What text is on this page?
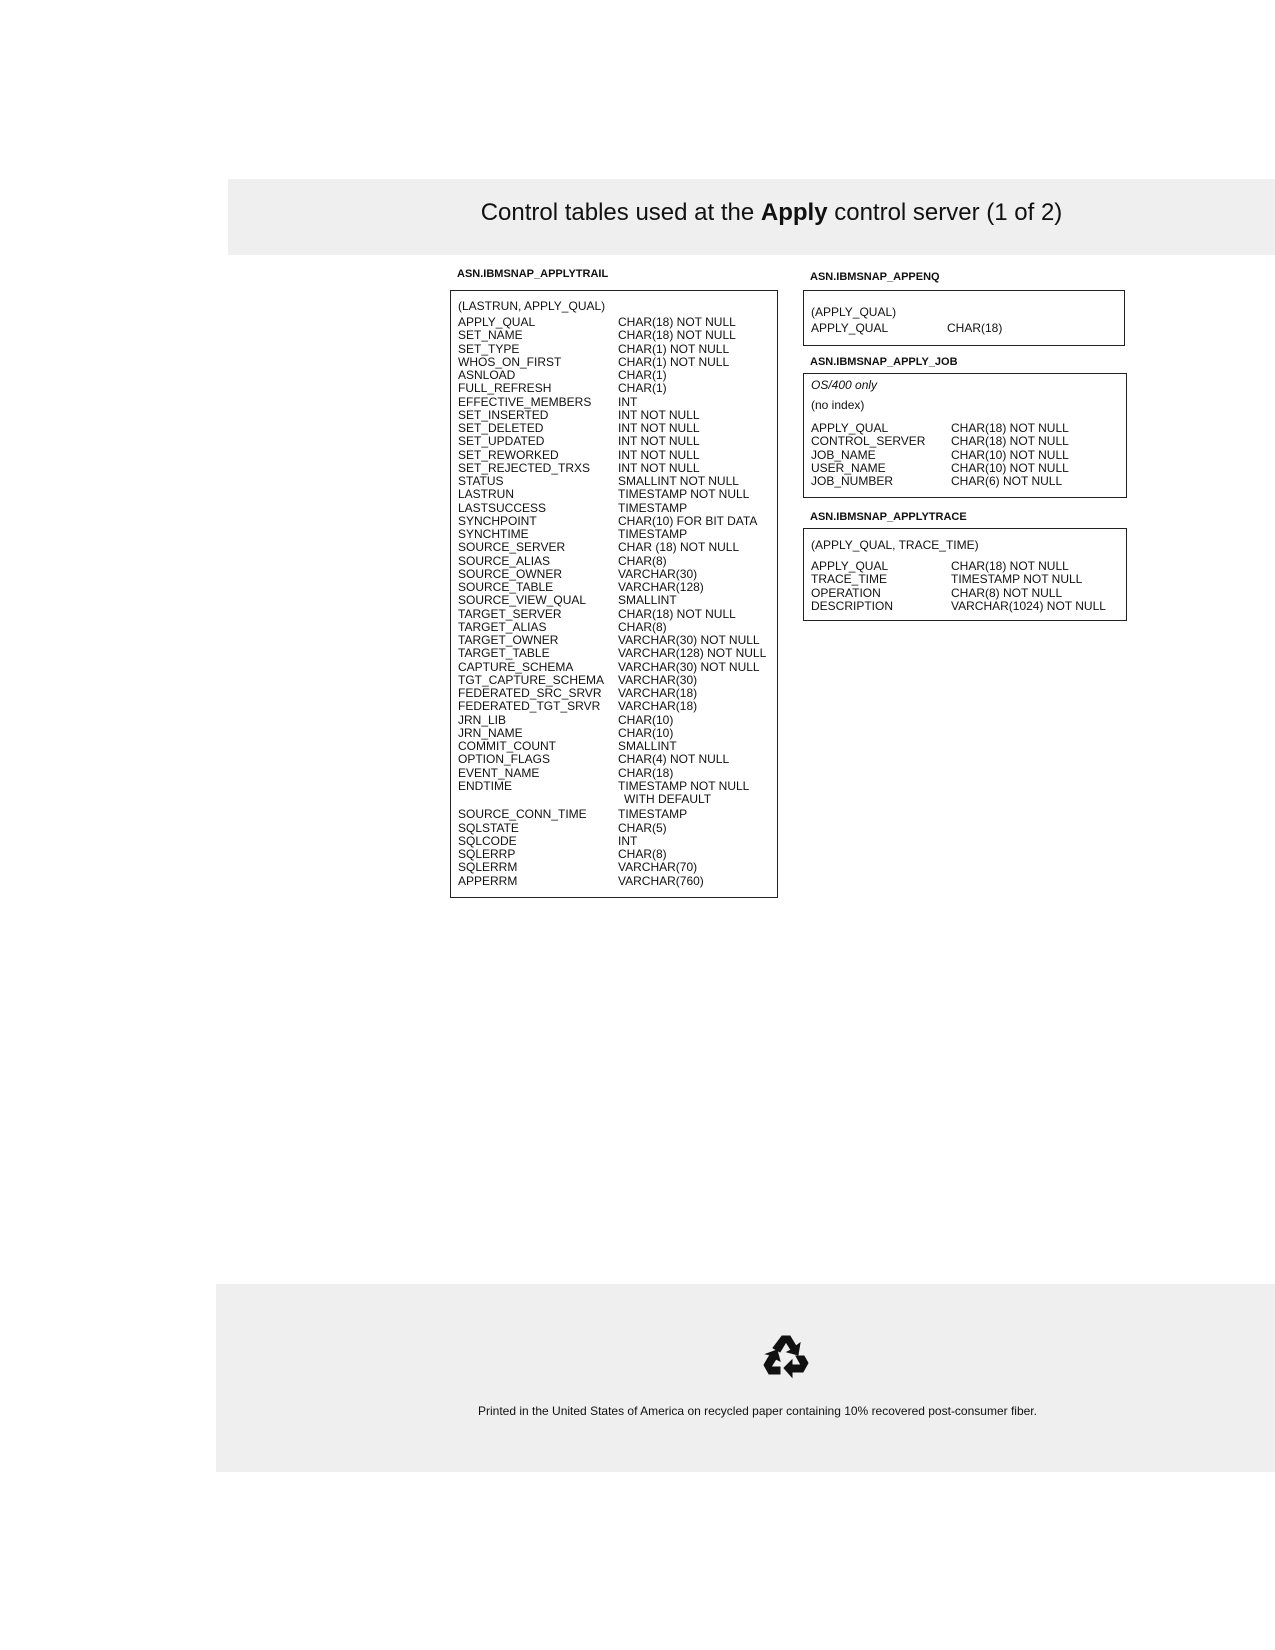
Control tables used at the Apply control server (1 of 2)
ASN.IBMSNAP_APPLYTRAIL
(LASTRUN, APPLY_QUAL)
APPLY_QUAL	CHAR(18) NOT NULL
SET_NAME	CHAR(18) NOT NULL
SET_TYPE	CHAR(1) NOT NULL
WHOS_ON_FIRST	CHAR(1) NOT NULL
ASNLOAD	CHAR(1)
FULL_REFRESH	CHAR(1)
EFFECTIVE_MEMBERS INT
SET_INSERTED	INT NOT NULL
SET_DELETED	INT NOT NULL
SET_UPDATED	INT NOT NULL
SET_REWORKED	INT NOT NULL
SET_REJECTED_TRXS INT NOT NULL
STATUS	SMALLINT NOT NULL
LASTRUN	TIMESTAMP NOT NULL
LASTSUCCESS	TIMESTAMP
SYNCHPOINT	CHAR(10) FOR BIT DATA
SYNCHTIME	TIMESTAMP
SOURCE_SERVER	CHAR (18) NOT NULL
SOURCE_ALIAS	CHAR(8)
SOURCE_OWNER	VARCHAR(30)
SOURCE_TABLE	VARCHAR(128)
SOURCE_VIEW_QUAL	SMALLINT
TARGET_SERVER	CHAR(18) NOT NULL
TARGET_ALIAS	CHAR(8)
TARGET_OWNER	VARCHAR(30) NOT NULL
TARGET_TABLE	VARCHAR(128) NOT NULL
CAPTURE_SCHEMA	VARCHAR(30) NOT NULL
TGT_CAPTURE_SCHEMA VARCHAR(30)
FEDERATED_SRC_SRVR VARCHAR(18)
FEDERATED_TGT_SRVR VARCHAR(18)
JRN_LIB	CHAR(10)
JRN_NAME	CHAR(10)
COMMIT_COUNT	SMALLINT
OPTION_FLAGS	CHAR(4) NOT NULL
EVENT_NAME	CHAR(18)
ENDTIME	TIMESTAMP NOT NULL
WITH DEFAULT
SOURCE_CONN_TIME	TIMESTAMP
SQLSTATE	CHAR(5)
SQLCODE	INT
SQLERRP	CHAR(8)
SQLERRM	VARCHAR(70)
APPERRM	VARCHAR(760)
ASN.IBMSNAP_APPENQ
(APPLY_QUAL)
APPLY_QUAL	CHAR(18)
ASN.IBMSNAP_APPLY_JOB
OS/400 only
(no index)
APPLY_QUAL	CHAR(18) NOT NULL
CONTROL_SERVER CHAR(18) NOT NULL
JOB_NAME	CHAR(10) NOT NULL
USER_NAME	CHAR(10) NOT NULL
JOB_NUMBER	CHAR(6) NOT NULL
ASN.IBMSNAP_APPLYTRACE
(APPLY_QUAL, TRACE_TIME)
APPLY_QUAL	CHAR(18) NOT NULL
TRACE_TIME	TIMESTAMP NOT NULL
OPERATION	CHAR(8) NOT NULL
DESCRIPTION	VARCHAR(1024) NOT NULL
Printed in the United States of America on recycled paper containing 10% recovered post-consumer fiber.
